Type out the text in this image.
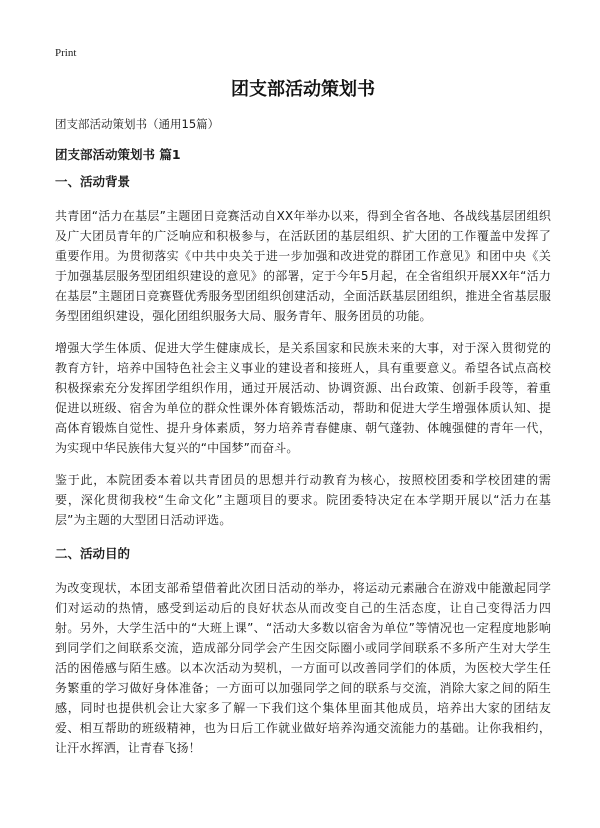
Print
团支部活动策划书

团支部活动策划书（通用15篇）

团支部活动策划书 篇1

一、活动背景

共青团“活力在基层”主题团日竞赛活动自XX年举办以来，得到全省各地、各战线基层团组织及广大团员青年的广泛响应和积极参与，在活跃团的基层组织、扩大团的工作覆盖中发挥了重要作用。为贯彻落实《中共中央关于进一步加强和改进党的群团工作意见》和团中央《关于加强基层服务型团组织建设的意见》的部署，定于今年5月起，在全省组织开展XX年“活力在基层”主题团日竞赛暨优秀服务型团组织创建活动，全面活跃基层团组织，推进全省基层服务型团组织建设，强化团组织服务大局、服务青年、服务团员的功能。

增强大学生体质、促进大学生健康成长，是关系国家和民族未来的大事，对于深入贯彻党的教育方针，培养中国特色社会主义事业的建设者和接班人，具有重要意义。希望各试点高校积极探索充分发挥团学组织作用，通过开展活动、协调资源、出台政策、创新手段等，着重促进以班级、宿舍为单位的群众性课外体育锻炼活动，帮助和促进大学生增强体质认知、提高体育锻炼自觉性、提升身体素质，努力培养青春健康、朝气蓬勃、体魄强健的青年一代，为实现中华民族伟大复兴的“中国梦”而奋斗。

鉴于此，本院团委本着以共青团员的思想并行动教育为核心，按照校团委和学校团建的需要，深化贯彻我校“生命文化”主题项目的要求。院团委特决定在本学期开展以“活力在基层”为主题的大型团日活动评选。

二、活动目的

为改变现状，本团支部希望借着此次团日活动的举办，将运动元素融合在游戏中能激起同学们对运动的热情，感受到运动后的良好状态从而改变自己的生活态度，让自己变得活力四射。另外，大学生活中的“大班上课”、“活动大多数以宿舍为单位”等情况也一定程度地影响到同学们之间联系交流，造成部分同学会产生因交际圈小或同学间联系不多所产生对大学生活的困倦感与陌生感。以本次活动为契机，一方面可以改善同学们的体质，为医校大学生任务繁重的学习做好身体准备；一方面可以加强同学之间的联系与交流，消除大家之间的陌生感，同时也提供机会让大家多了解一下我们这个集体里面其他成员，培养出大家的团结友爱、相互帮助的班级精神，也为日后工作就业做好培养沟通交流能力的基础。让你我相约，让汗水挥洒，让青春飞扬！
